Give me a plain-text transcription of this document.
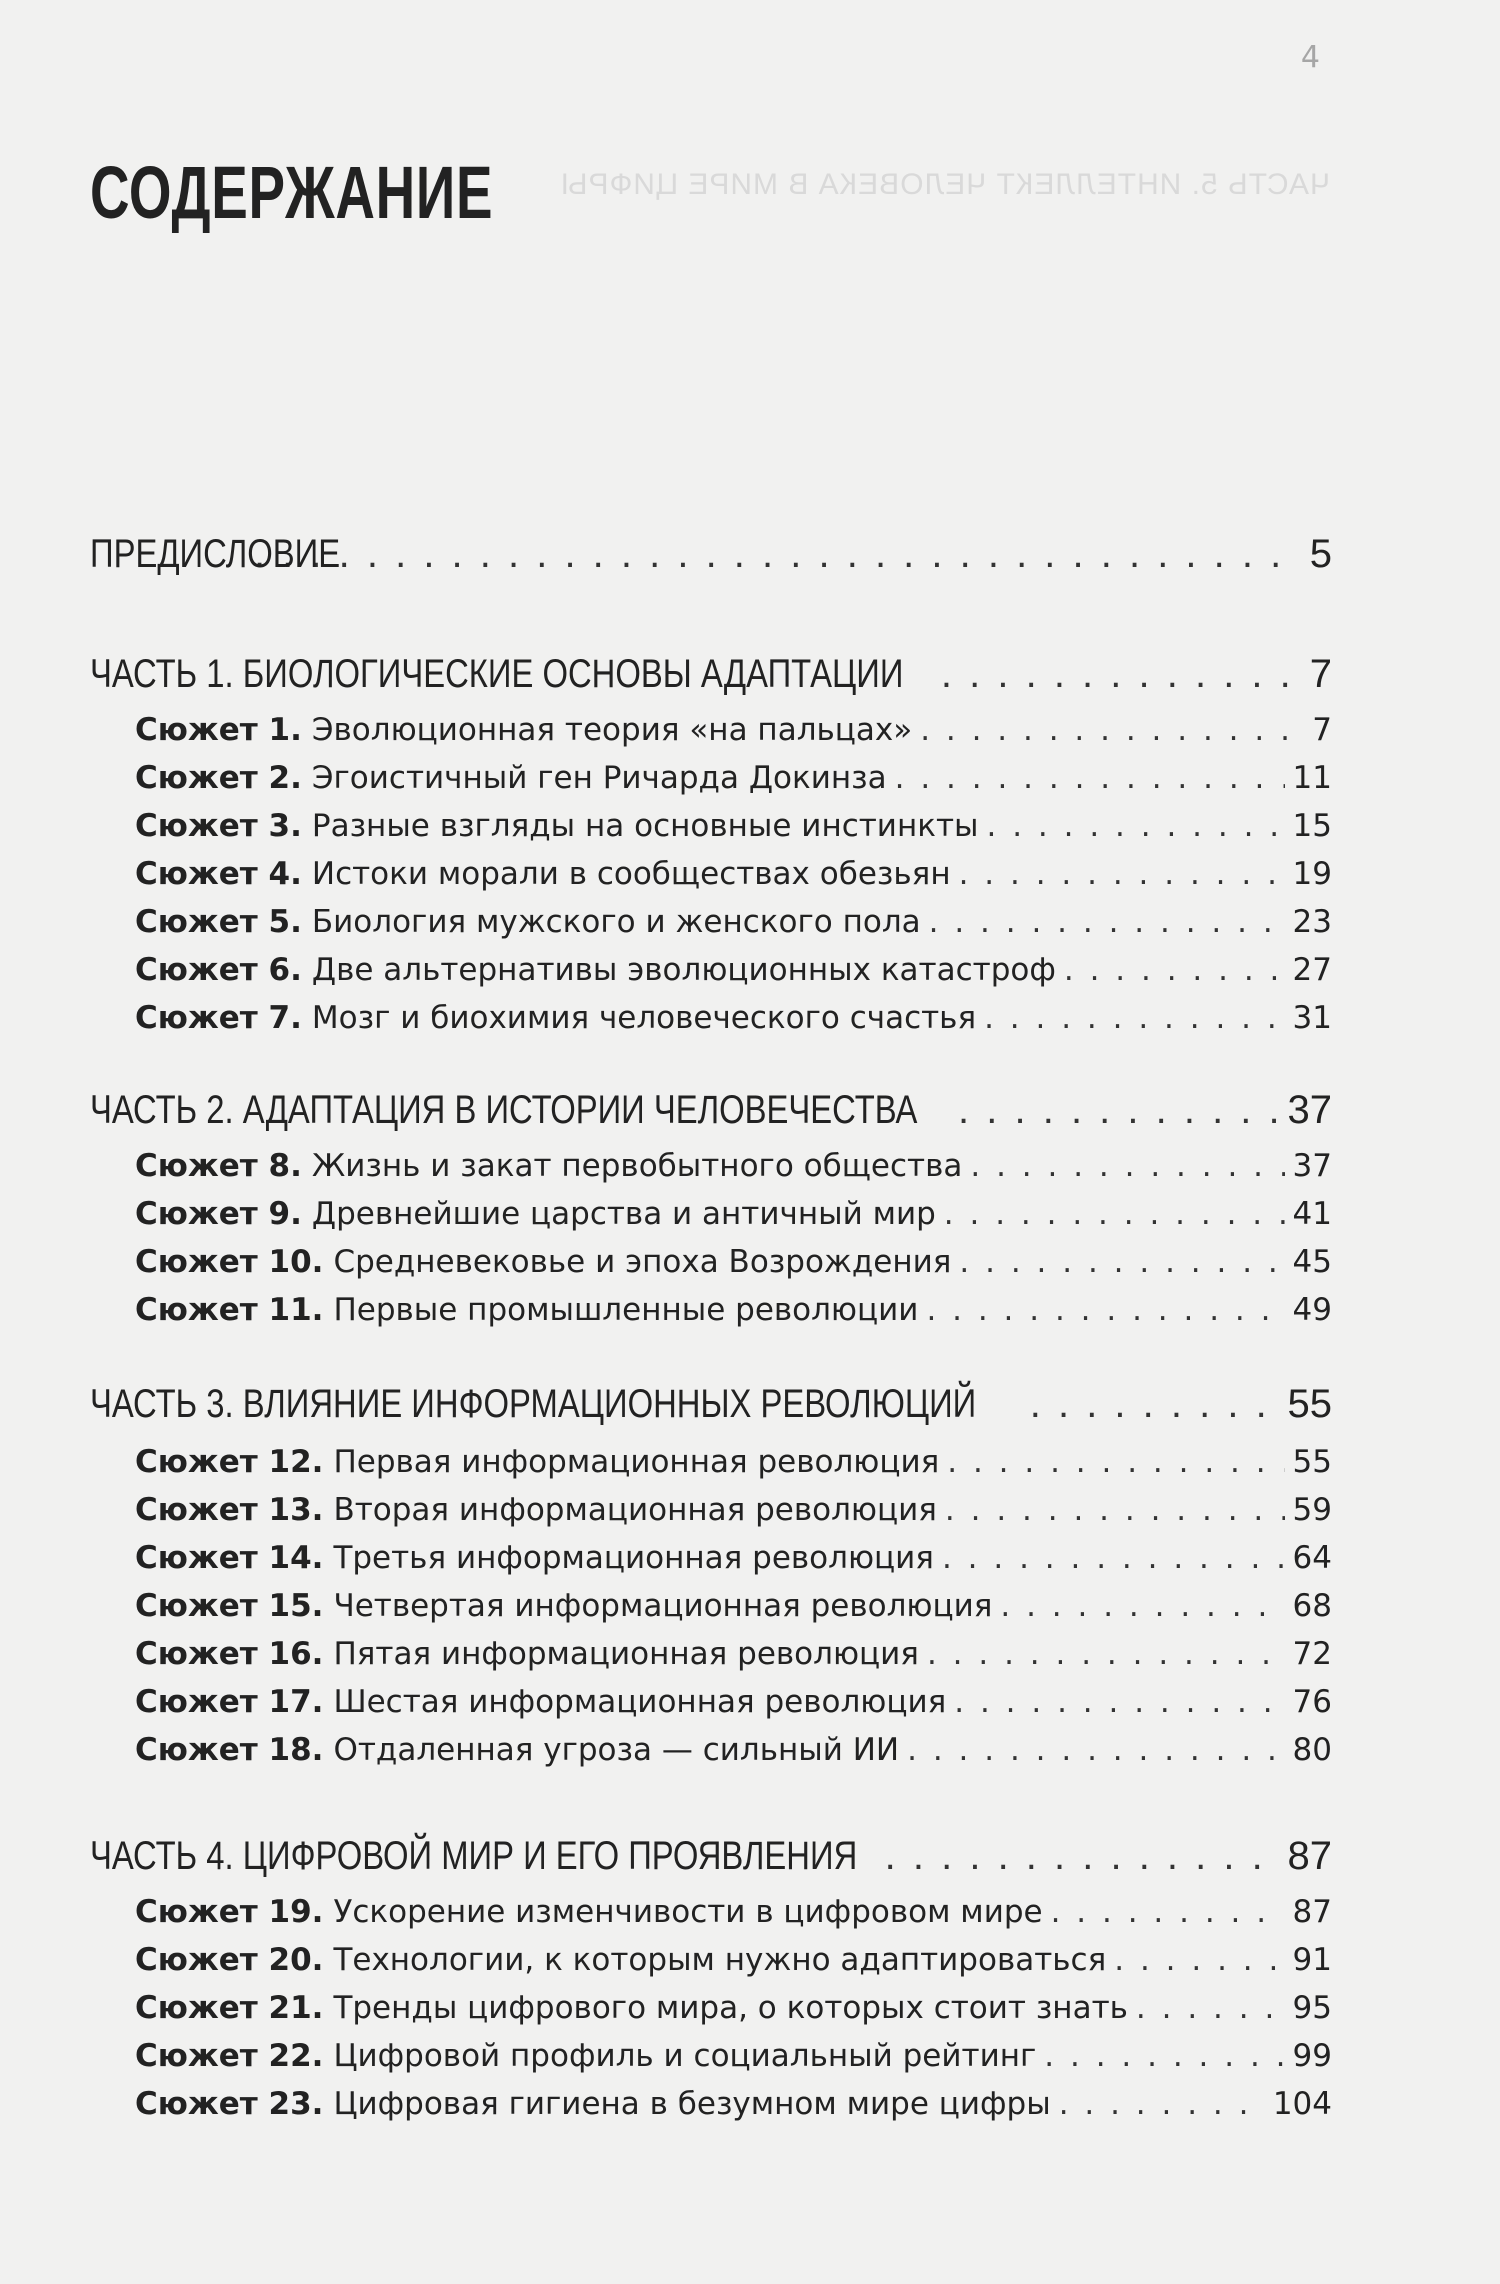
4
ЧАСТЬ 5. ИНТЕЛЛЕКТ ЧЕЛОВЕКА В МИРЕ ЦИФРЫ
СОДЕРЖАНИЕ
ПРЕДИСЛОВИЕ . . .	5
ЧАСТЬ 1. БИОЛОГИЧЕСКИЕ ОСНОВЫ АДАПТАЦИИ . . .	7
Сюжет 1. Эволюционная теория «на пальцах» . . .	7
Сюжет 2. Эгоистичный ген Ричарда Докинза . . .	11
Сюжет 3. Разные взгляды на основные инстинкты . . .	15
Сюжет 4. Истоки морали в сообществах обезьян . . .	19
Сюжет 5. Биология мужского и женского пола . . .	23
Сюжет 6. Две альтернативы эволюционных катастроф . . .	27
Сюжет 7. Мозг и биохимия человеческого счастья . . .	31
ЧАСТЬ 2. АДАПТАЦИЯ В ИСТОРИИ ЧЕЛОВЕЧЕСТВА . . .	37
Сюжет 8. Жизнь и закат первобытного общества . . .	37
Сюжет 9. Древнейшие царства и античный мир . . .	41
Сюжет 10. Средневековье и эпоха Возрождения . . .	45
Сюжет 11. Первые промышленные революции . . .	49
ЧАСТЬ 3. ВЛИЯНИЕ ИНФОРМАЦИОННЫХ РЕВОЛЮЦИЙ . . .	55
Сюжет 12. Первая информационная революция . . .	55
Сюжет 13. Вторая информационная революция . . .	59
Сюжет 14. Третья информационная революция . . .	64
Сюжет 15. Четвертая информационная революция . . .	68
Сюжет 16. Пятая информационная революция . . .	72
Сюжет 17. Шестая информационная революция . . .	76
Сюжет 18. Отдаленная угроза — сильный ИИ . . .	80
ЧАСТЬ 4. ЦИФРОВОЙ МИР И ЕГО ПРОЯВЛЕНИЯ . . .	87
Сюжет 19. Ускорение изменчивости в цифровом мире . . .	87
Сюжет 20. Технологии, к которым нужно адаптироваться . . .	91
Сюжет 21. Тренды цифрового мира, о которых стоит знать . . .	95
Сюжет 22. Цифровой профиль и социальный рейтинг . . .	99
Сюжет 23. Цифровая гигиена в безумном мире цифры . . .	104
